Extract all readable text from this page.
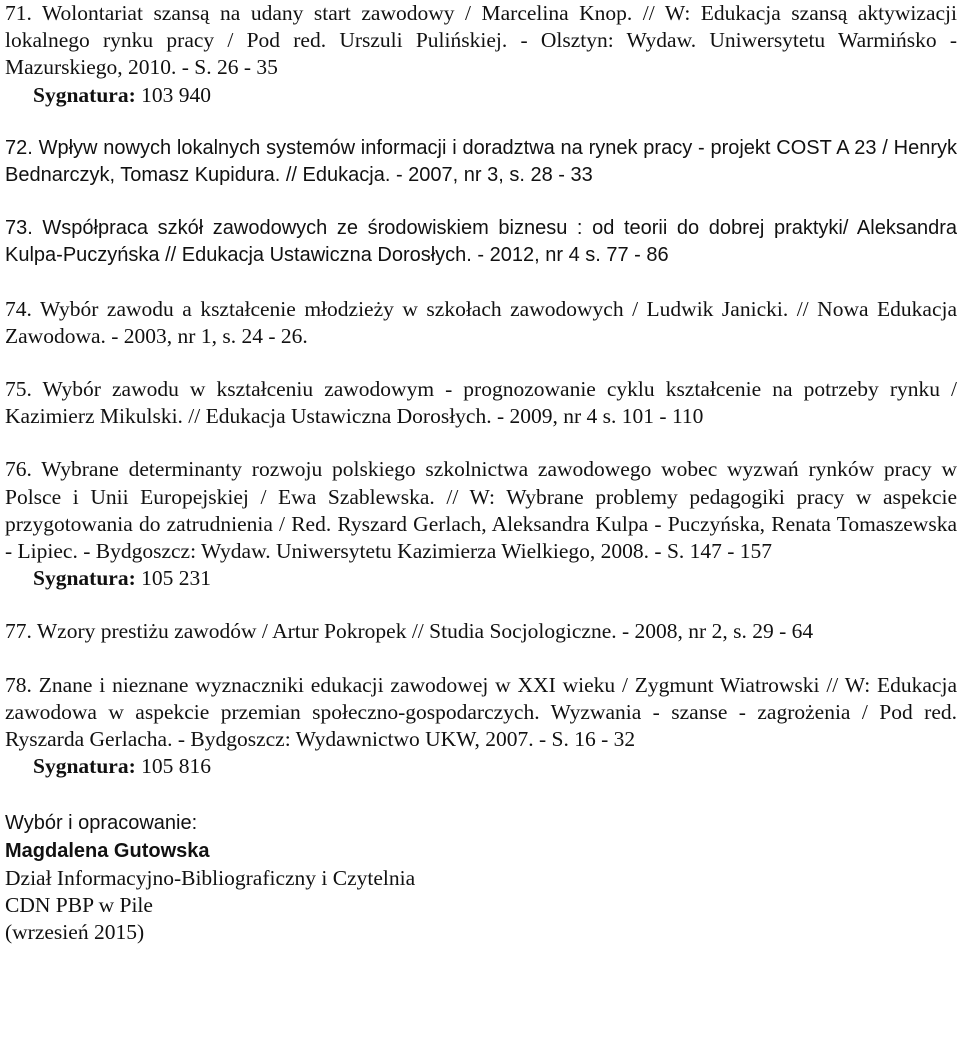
71. Wolontariat szansą na udany start zawodowy / Marcelina Knop. // W: Edukacja szansą aktywizacji lokalnego rynku pracy / Pod red. Urszuli Pulińskiej. - Olsztyn: Wydaw. Uniwersytetu Warmińsko - Mazurskiego, 2010. - S. 26 - 35
Sygnatura: 103 940

72. Wpływ nowych lokalnych systemów informacji i doradztwa na rynek pracy - projekt COST A 23 / Henryk Bednarczyk, Tomasz Kupidura. // Edukacja. - 2007, nr 3, s. 28 - 33

73. Współpraca szkół zawodowych ze środowiskiem biznesu : od teorii do dobrej praktyki/ Aleksandra Kulpa-Puczyńska // Edukacja Ustawiczna Dorosłych. - 2012, nr 4 s. 77 - 86

74. Wybór zawodu a kształcenie młodzieży w szkołach zawodowych / Ludwik Janicki. // Nowa Edukacja Zawodowa. - 2003, nr 1, s. 24 - 26.

75. Wybór zawodu w kształceniu zawodowym - prognozowanie cyklu kształcenie na potrzeby rynku / Kazimierz Mikulski. // Edukacja Ustawiczna Dorosłych. - 2009, nr 4 s. 101 - 110

76. Wybrane determinanty rozwoju polskiego szkolnictwa zawodowego wobec wyzwań rynków pracy w Polsce i Unii Europejskiej / Ewa Szablewska. // W: Wybrane problemy pedagogiki pracy w aspekcie przygotowania do zatrudnienia / Red. Ryszard Gerlach, Aleksandra Kulpa - Puczyńska, Renata Tomaszewska - Lipiec. - Bydgoszcz: Wydaw. Uniwersytetu Kazimierza Wielkiego, 2008. - S. 147 - 157
Sygnatura: 105 231

77. Wzory prestiżu zawodów / Artur Pokropek // Studia Socjologiczne. - 2008, nr 2, s. 29 - 64

78. Znane i nieznane wyznaczniki edukacji zawodowej w XXI wieku / Zygmunt Wiatrowski // W: Edukacja zawodowa w aspekcie przemian społeczno-gospodarczych. Wyzwania - szanse - zagrożenia / Pod red. Ryszarda Gerlacha. - Bydgoszcz: Wydawnictwo UKW, 2007. - S. 16 - 32
Sygnatura: 105 816

Wybór i opracowanie:
Magdalena Gutowska
Dział Informacyjno-Bibliograficzny i Czytelnia
CDN PBP w Pile
(wrzesień 2015)
